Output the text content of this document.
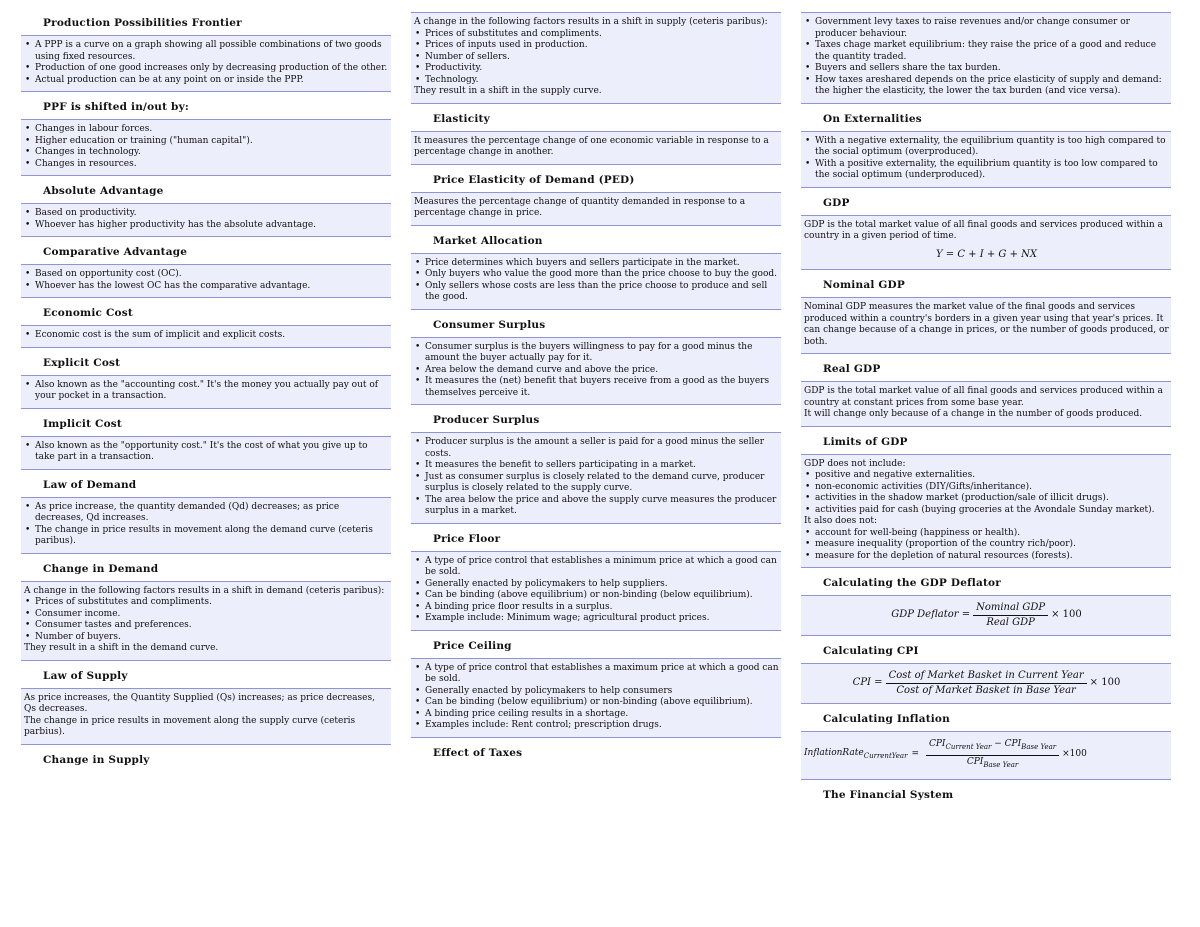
Production Possibilities Frontier
• A PPP is a curve on a graph showing all possible combinations of two goods using fixed resources.
• Production of one good increases only by decreasing production of the other.
• Actual production can be at any point on or inside the PPP.
PPF is shifted in/out by:
• Changes in labour forces.
• Higher education or training ("human capital").
• Changes in technology.
• Changes in resources.
Absolute Advantage
• Based on productivity.
• Whoever has higher productivity has the absolute advantage.
Comparative Advantage
• Based on opportunity cost (OC).
• Whoever has the lowest OC has the comparative advantage.
Economic Cost
• Economic cost is the sum of implicit and explicit costs.
Explicit Cost
• Also known as the "accounting cost." It's the money you actually pay out of your pocket in a transaction.
Implicit Cost
• Also known as the "opportunity cost." It's the cost of what you give up to take part in a transaction.
Law of Demand
• As price increase, the quantity demanded (Qd) decreases; as price decreases, Qd increases.
• The change in price results in movement along the demand curve (ceteris paribus).
Change in Demand

A change in the following factors results in a shift in demand (ceteris paribus):

• Prices of substitutes and compliments.
• Consumer income.
• Consumer tastes and preferences.
• Number of buyers.

They result in a shift in the demand curve.

Law of Supply

As price increases, the Quantity Supplied (Qs) increases; as price decreases, Qs decreases.

The change in price results in movement along the supply curve (ceteris parbius).

Change in Supply

A change in the following factors results in a shift in supply (ceteris paribus):

• Prices of substitutes and compliments.
• Prices of inputs used in production.
• Number of sellers.
• Productivity.
• Technology.

They result in a shift in the supply curve.

Elasticity

It measures the percentage change of one economic variable in response to a percentage change in another.

Price Elasticity of Demand (PED)

Measures the percentage change of quantity demanded in response to a percentage change in price.

Market Allocation
• Price determines which buyers and sellers participate in the market.
• Only buyers who value the good more than the price choose to buy the good.
• Only sellers whose costs are less than the price choose to produce and sell the good.
Consumer Surplus
• Consumer surplus is the buyers willingness to pay for a good minus the amount the buyer actually pay for it.
• Area below the demand curve and above the price.
• It measures the (net) benefit that buyers receive from a good as the buyers themselves perceive it.
Producer Surplus
• Producer surplus is the amount a seller is paid for a good minus the seller costs.
• It measures the benefit to sellers participating in a market.
• Just as consumer surplus is closely related to the demand curve, producer surplus is closely related to the supply curve.
• The area below the price and above the supply curve measures the producer surplus in a market.
Price Floor
• A type of price control that establishes a minimum price at which a good can be sold.
• Generally enacted by policymakers to help suppliers.
• Can be binding (above equilibrium) or non-binding (below equilibrium).
• A binding price floor results in a surplus.
• Example include: Minimum wage; agricultural product prices.
Price Ceiling
• A type of price control that establishes a maximum price at which a good can be sold.
• Generally enacted by policymakers to help consumers
• Can be binding (below equilibrium) or non-binding (above equilibrium).
• A binding price ceiling results in a shortage.
• Examples include: Rent control; prescription drugs.
Effect of Taxes
• Government levy taxes to raise revenues and/or change consumer or producer behaviour.
• Taxes chage market equilibrium: they raise the price of a good and reduce the quantity traded.
• Buyers and sellers share the tax burden.
• How taxes areshared depends on the price elasticity of supply and demand: the higher the elasticity, the lower the tax burden (and vice versa).
On Externalities
• With a negative externality, the equilibrium quantity is too high compared to the social optimum (overproduced).
• With a positive externality, the equilibrium quantity is too low compared to the social optimum (underproduced).
GDP

GDP is the total market value of all final goods and services produced within a country in a given period of time.

Y = C + I + G + NX
Nominal GDP

Nominal GDP measures the market value of the final goods and services produced within a country's borders in a given year using that year's prices. It can change because of a change in prices, or the number of goods produced, or both.

Real GDP

GDP is the total market value of all final goods and services produced within a country at constant prices from some base year.

It will change only because of a change in the number of goods produced.

Limits of GDP

GDP does not include:

• positive and negative externalities.
• non-economic activities (DIY/Gifts/inheritance).
• activities in the shadow market (production/sale of illicit drugs).
• activities paid for cash (buying groceries at the Avondale Sunday market).

It also does not:

• account for well-being (happiness or health).
• measure inequality (proportion of the country rich/poor).
• measure for the depletion of natural resources (forests).
Calculating the GDP Deflator
GDP Deflator = $\frac{\text{Nominal GDP}}{\text{Real GDP}} \times 100$
Calculating CPI
CPI = $\frac{\text{Cost of Market Basket in Current Year}}{\text{Cost of Market Basket in Base Year}} \times 100$
Calculating Inflation
InflationRate$_{CurrentYear}$ = $\frac{CPI_{Current Year} - CPI_{Base Year}}{CPI_{Base Year}} \times 100$
The Financial System
